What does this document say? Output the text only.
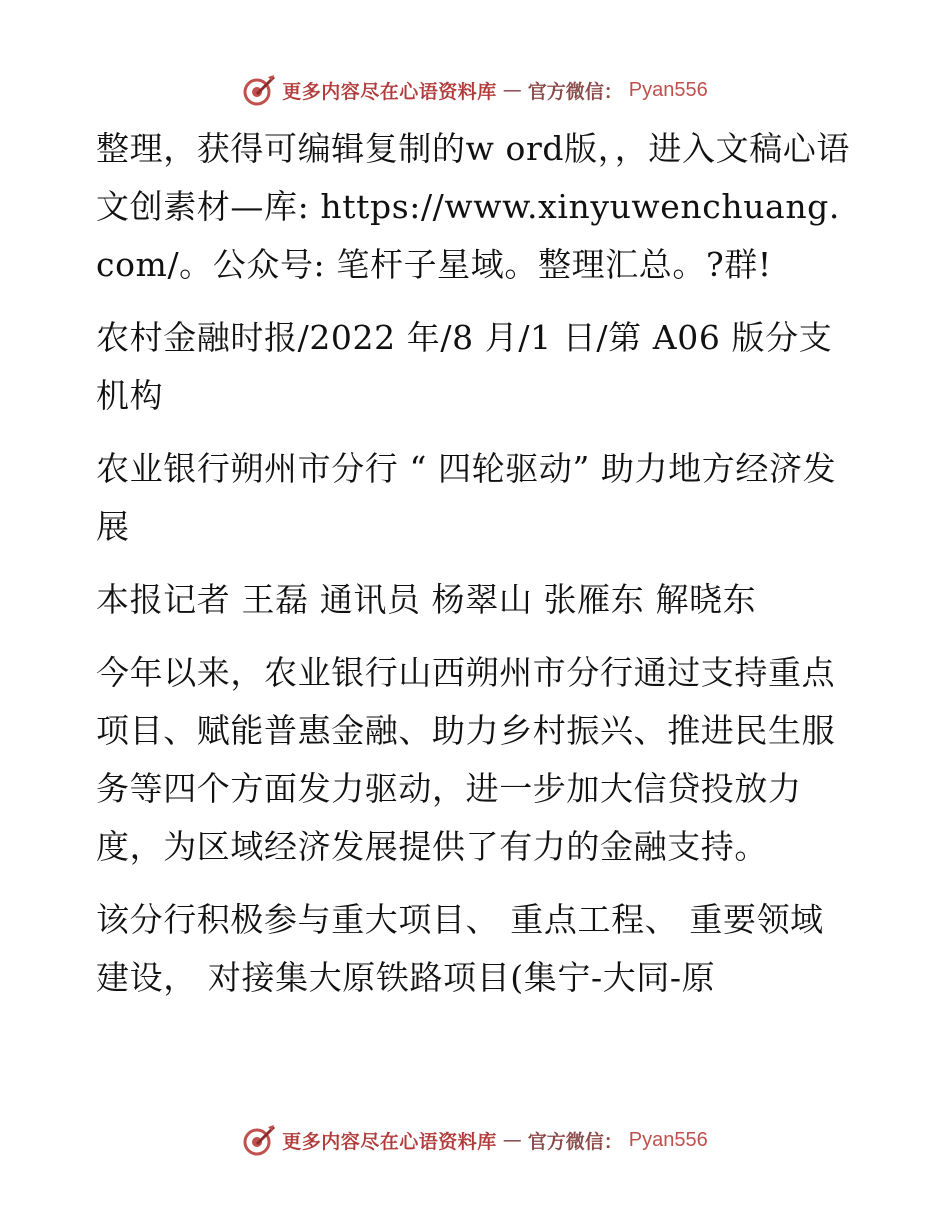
更多内容尽在心语资料库 — 官方微信： Pyan556

整理，获得可编辑复制的w ord版，，进入文稿心语文创素材—库: https://www.xinyuwenchuang.com/。公众号: 笔杆子星域。整理汇总。?群!

农村金融时报/2022 年/8 月/1 日/第 A06 版分支机构

农业银行朔州市分行 “ 四轮驱动” 助力地方经济发展

本报记者 王磊 通讯员 杨翠山 张雁东 解晓东

今年以来，农业银行山西朔州市分行通过支持重点项目、赋能普惠金融、助力乡村振兴、推进民生服务等四个方面发力驱动，进一步加大信贷投放力度，为区域经济发展提供了有力的金融支持。

该分行积极参与重大项目、 重点工程、 重要领域建设， 对接集大原铁路项目(集宁-大同-原

更多内容尽在心语资料库 — 官方微信： Pyan556
